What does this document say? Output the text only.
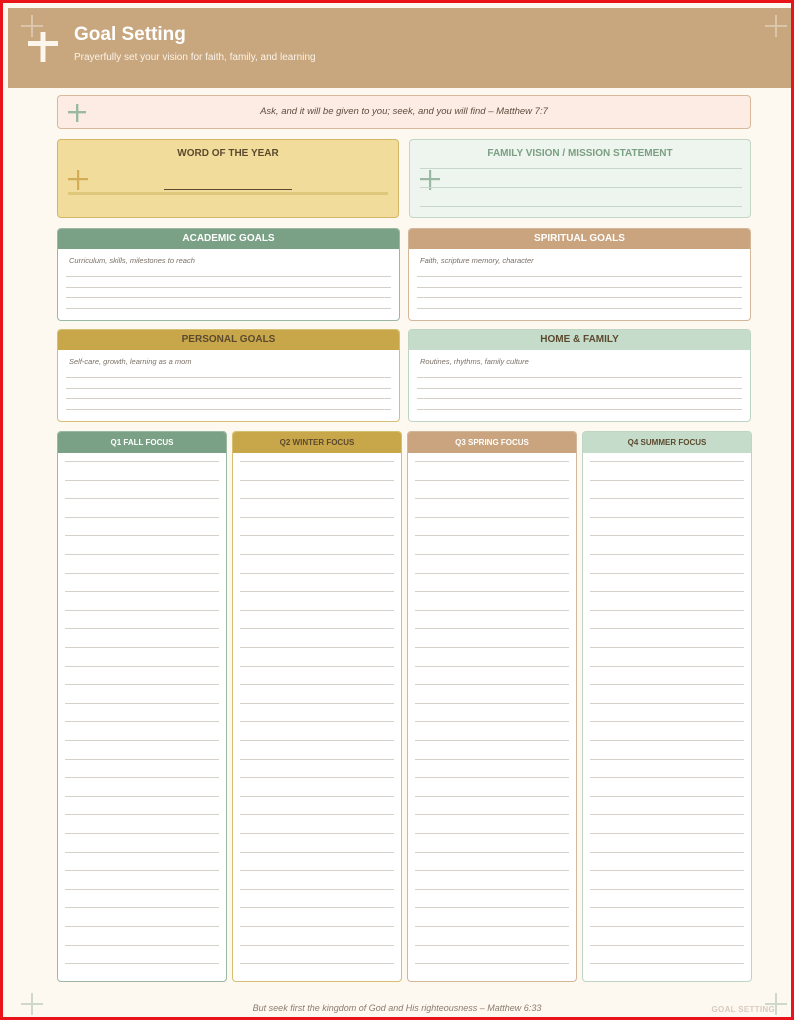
Goal Setting
Prayerfully set your vision for faith, family, and learning
Ask, and it will be given to you; seek, and you will find – Matthew 7:7
WORD OF THE YEAR	FAMILY VISION / MISSION STATEMENT
ACADEMIC GOALS
Curriculum, skills, milestones to reach
SPIRITUAL GOALS
Faith, scripture memory, character
PERSONAL GOALS
Self-care, growth, learning as a mom
HOME & FAMILY
Routines, rhythms, family culture
Q1 FALL FOCUS	Q2 WINTER FOCUS	Q3 SPRING FOCUS	Q4 SUMMER FOCUS
But seek first the kingdom of God and His righteousness – Matthew 6:33	GOAL SETTING
